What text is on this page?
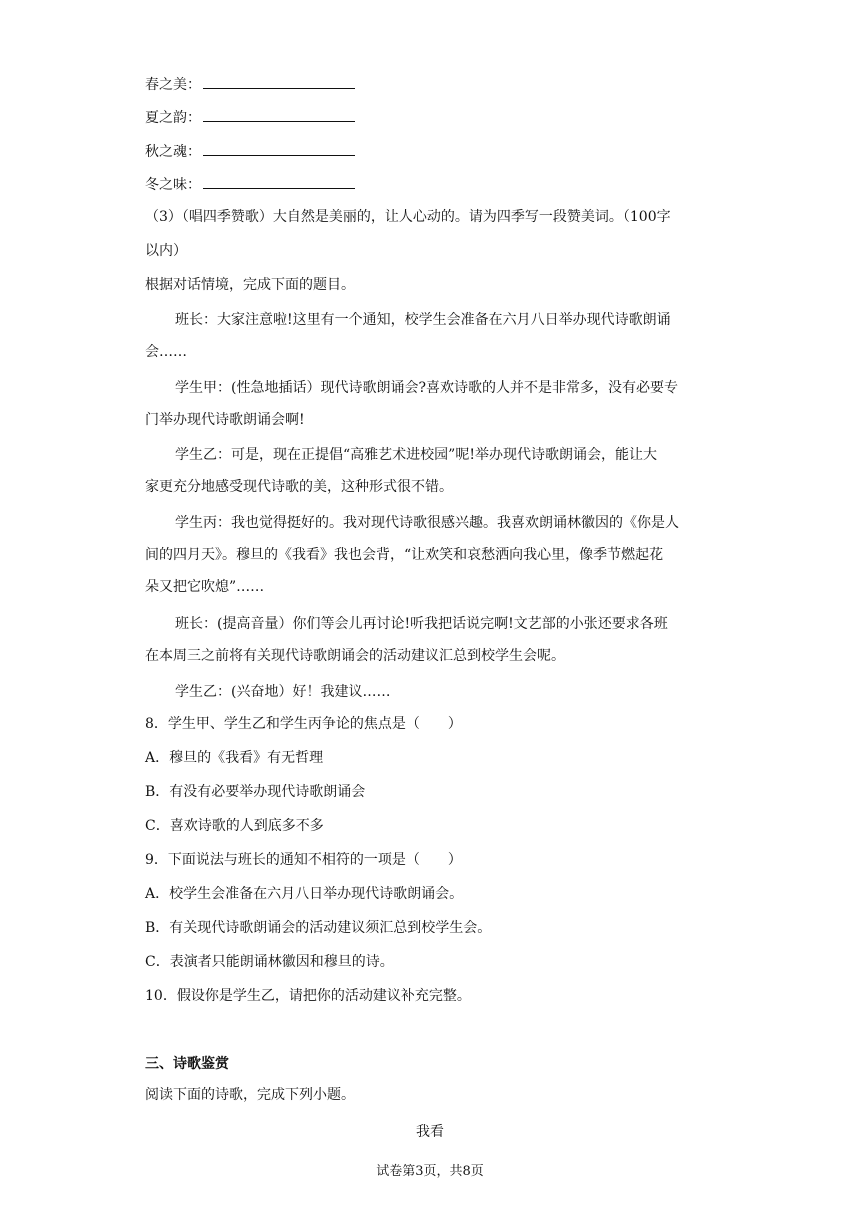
春之美：
夏之韵：
秋之魂：
冬之味：
（3）（唱四季赞歌）大自然是美丽的，让人心动的。请为四季写一段赞美词。（100字
以内）
根据对话情境，完成下面的题目。
班长：大家注意啦!这里有一个通知，校学生会准备在六月八日举办现代诗歌朗诵
会……
学生甲：(性急地插话）现代诗歌朗诵会?喜欢诗歌的人并不是非常多，没有必要专
门举办现代诗歌朗诵会啊!
学生乙：可是，现在正提倡“高雅艺术进校园”呢!举办现代诗歌朗诵会，能让大
家更充分地感受现代诗歌的美，这种形式很不错。
学生丙：我也觉得挺好的。我对现代诗歌很感兴趣。我喜欢朗诵林徽因的《你是人
间的四月天》。穆旦的《我看》我也会背，“让欢笑和哀愁洒向我心里，像季节燃起花
朵又把它吹熄”……
班长：(提高音量）你们等会儿再讨论!听我把话说完啊!文艺部的小张还要求各班
在本周三之前将有关现代诗歌朗诵会的活动建议汇总到校学生会呢。
学生乙：(兴奋地）好！我建议……
8．学生甲、学生乙和学生丙争论的焦点是（　　）
A．穆旦的《我看》有无哲理
B．有没有必要举办现代诗歌朗诵会
C．喜欢诗歌的人到底多不多
9．下面说法与班长的通知不相符的一项是（　　）
A．校学生会准备在六月八日举办现代诗歌朗诵会。
B．有关现代诗歌朗诵会的活动建议须汇总到校学生会。
C．表演者只能朗诵林徽因和穆旦的诗。
10．假设你是学生乙，请把你的活动建议补充完整。
三、诗歌鉴赏
阅读下面的诗歌，完成下列小题。
我看
试卷第3页，共8页
